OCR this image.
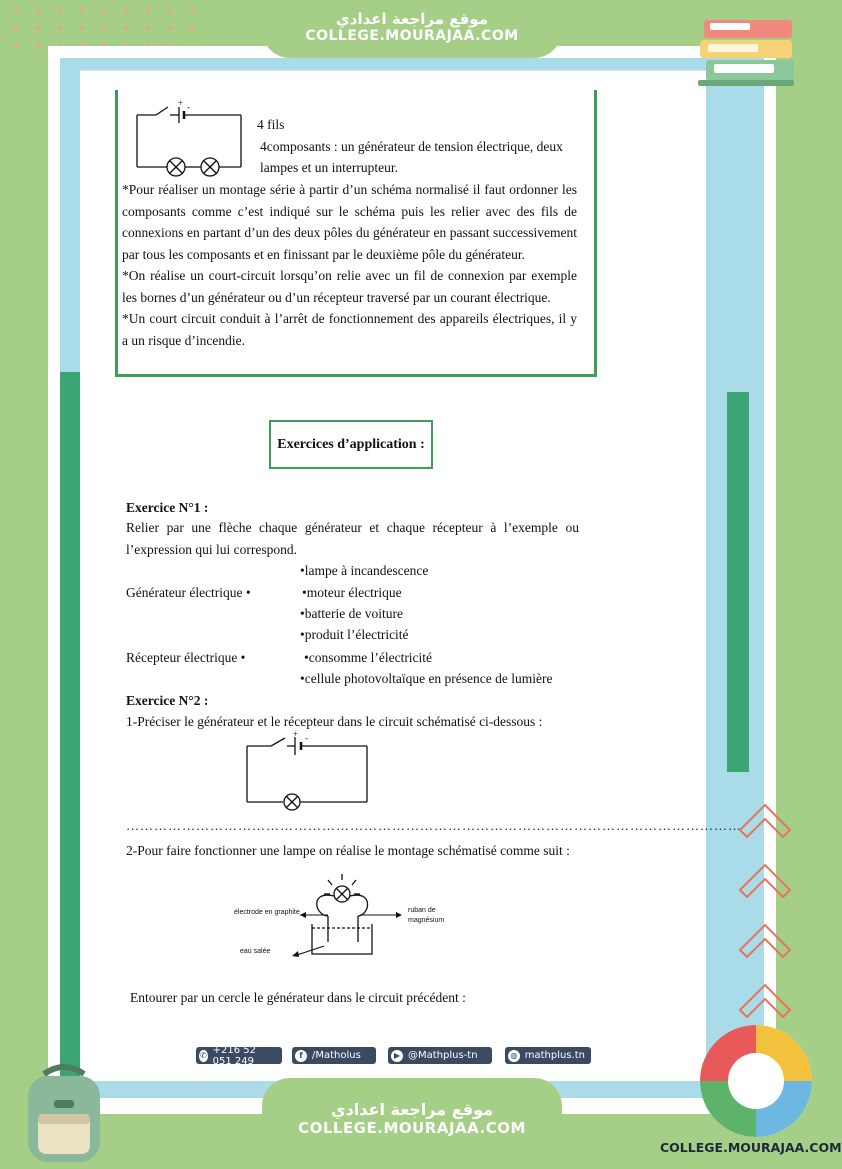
موقع مراجعة اعدادي
COLLEGE.MOURAJAA.COM
+ -
4 fils
4composants : un générateur de tension électrique, deux
lampes et un interrupteur.
*Pour réaliser un montage série à partir d’un schéma normalisé il faut ordonner les composants comme c’est indiqué sur le schéma puis les relier avec des fils de connexions en partant d’un des deux pôles du générateur en passant successivement par tous les composants et en finissant par le deuxième pôle du générateur.
*On réalise un court-circuit lorsqu’on relie avec un fil de connexion par exemple les bornes d’un générateur ou d’un récepteur traversé par un courant électrique.
*Un court circuit conduit à l’arrêt de fonctionnement des appareils électriques, il y a un risque d’incendie.
Exercices d’application :
Exercice N°1 :
Relier par une flèche chaque générateur et chaque récepteur à l’exemple ou l’expression qui lui correspond.
Générateur électrique •
Récepteur électrique •
•lampe à incandescence
•moteur électrique
•batterie de voiture
•produit l’électricité
•consomme l’électricité
•cellule photovoltaïque en présence de lumière
Exercice N°2 :
1-Préciser le générateur et le récepteur dans le circuit schématisé ci-dessous :
+ -
……………………………………………………………………………………………………………………
2-Pour faire fonctionner une lampe on réalise le montage schématisé comme suit :
électrode en graphite	ruban de
magnésium
eau salée
Entourer par un cercle le générateur dans le circuit précédent :
✆ +216 52 051 249
f /Matholus	▶ @Mathplus-tn	◍ mathplus.tn
موقع مراجعة اعدادي
COLLEGE.MOURAJAA.COM
COLLEGE.MOURAJAA.COM
